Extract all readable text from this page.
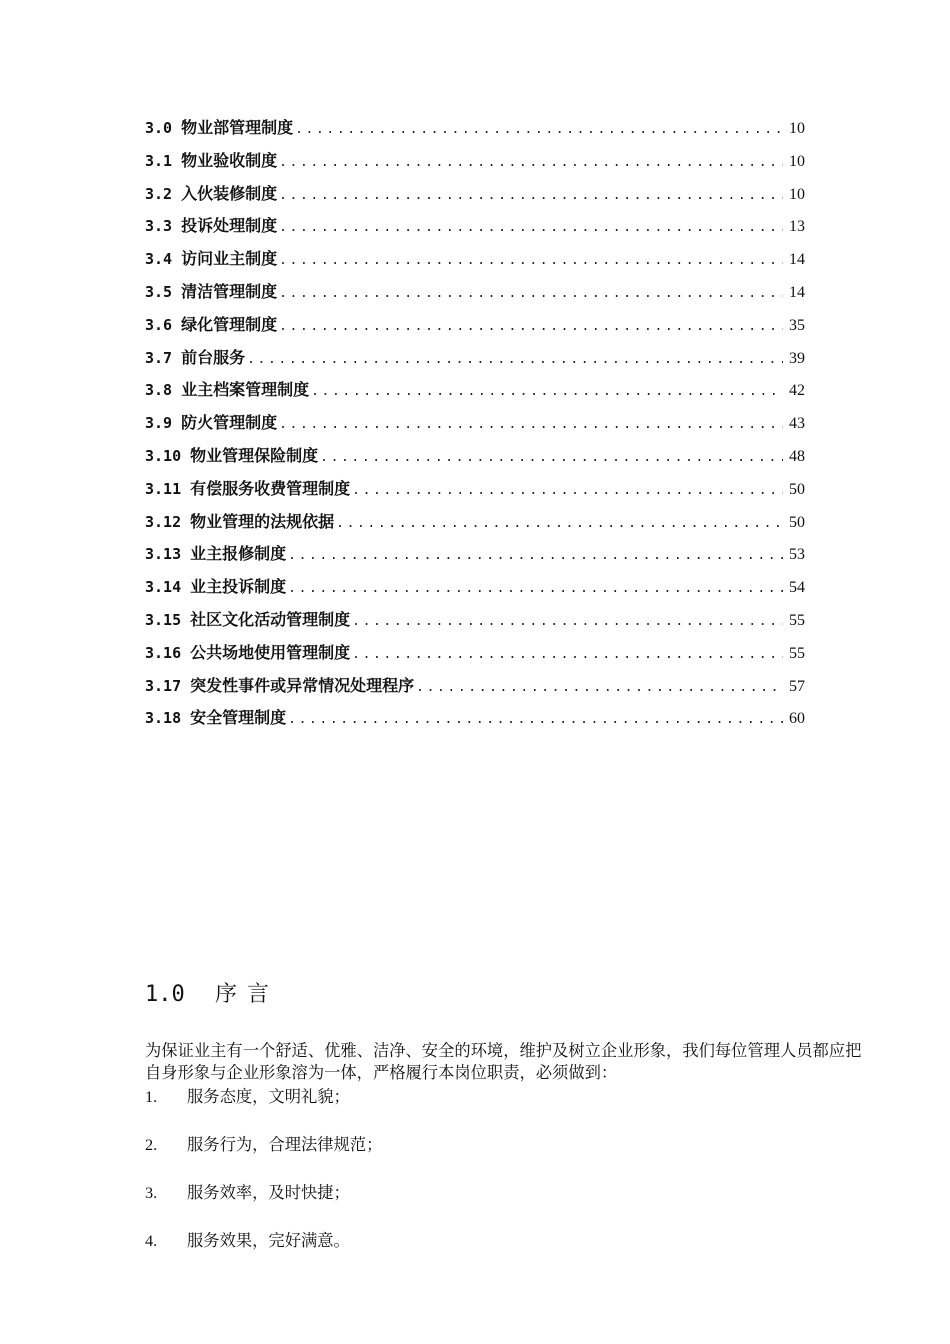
3.0 物业部管理制度 .....	10
3.1 物业验收制度 .....	10
3.2 入伙装修制度 .....	10
3.3 投诉处理制度 .....	13
3.4 访问业主制度 .....	14
3.5 清洁管理制度 .....	14
3.6 绿化管理制度 .....	35
3.7 前台服务 .....	39
3.8 业主档案管理制度 .....	42
3.9 防火管理制度 .....	43
3.10 物业管理保险制度 .....	48
3.11 有偿服务收费管理制度 .....	50
3.12 物业管理的法规依据 .....	50
3.13 业主报修制度 .....	53
3.14 业主投诉制度 .....	54
3.15 社区文化活动管理制度 .....	55
3.16 公共场地使用管理制度 .....	55
3.17 突发性事件或异常情况处理程序 .....	57
3.18 安全管理制度 .....	60
1.0	序言

为保证业主有一个舒适、优雅、洁净、安全的环境，维护及树立企业形象，我们每位管理人员都应把自身形象与企业形象溶为一体，严格履行本岗位职责，必须做到：

1.	服务态度，文明礼貌；
2.	服务行为，合理法律规范；
3.	服务效率，及时快捷；
4.	服务效果，完好满意。
